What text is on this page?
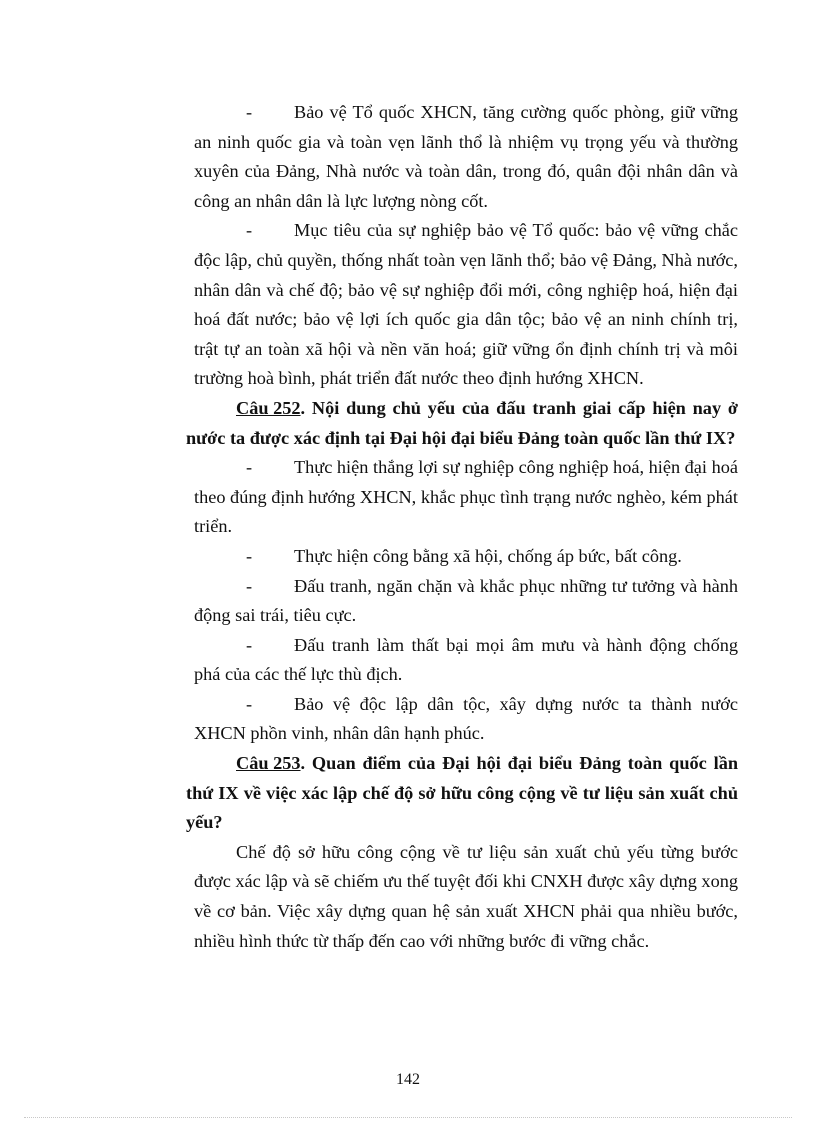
- Bảo vệ Tổ quốc XHCN, tăng cường quốc phòng, giữ vững an ninh quốc gia và toàn vẹn lãnh thổ là nhiệm vụ trọng yếu và thường xuyên của Đảng, Nhà nước và toàn dân, trong đó, quân đội nhân dân và công an nhân dân là lực lượng nòng cốt.

- Mục tiêu của sự nghiệp bảo vệ Tổ quốc: bảo vệ vững chắc độc lập, chủ quyền, thống nhất toàn vẹn lãnh thổ; bảo vệ Đảng, Nhà nước, nhân dân và chế độ; bảo vệ sự nghiệp đổi mới, công nghiệp hoá, hiện đại hoá đất nước; bảo vệ lợi ích quốc gia dân tộc; bảo vệ an ninh chính trị, trật tự an toàn xã hội và nền văn hoá; giữ vững ổn định chính trị và môi trường hoà bình, phát triển đất nước theo định hướng XHCN.

Câu 252. Nội dung chủ yếu của đấu tranh giai cấp hiện nay ở nước ta được xác định tại Đại hội đại biểu Đảng toàn quốc lần thứ IX?

- Thực hiện thắng lợi sự nghiệp công nghiệp hoá, hiện đại hoá theo đúng định hướng XHCN, khắc phục tình trạng nước nghèo, kém phát triển.

- Thực hiện công bằng xã hội, chống áp bức, bất công.

- Đấu tranh, ngăn chặn và khắc phục những tư tưởng và hành động sai trái, tiêu cực.

- Đấu tranh làm thất bại mọi âm mưu và hành động chống phá của các thế lực thù địch.

- Bảo vệ độc lập dân tộc, xây dựng nước ta thành nước XHCN phồn vinh, nhân dân hạnh phúc.

Câu 253. Quan điểm của Đại hội đại biểu Đảng toàn quốc lần thứ IX về việc xác lập chế độ sở hữu công cộng về tư liệu sản xuất chủ yếu?

Chế độ sở hữu công cộng về tư liệu sản xuất chủ yếu từng bước được xác lập và sẽ chiếm ưu thế tuyệt đối khi CNXH được xây dựng xong về cơ bản. Việc xây dựng quan hệ sản xuất XHCN phải qua nhiều bước, nhiều hình thức từ thấp đến cao với những bước đi vững chắc.

142
